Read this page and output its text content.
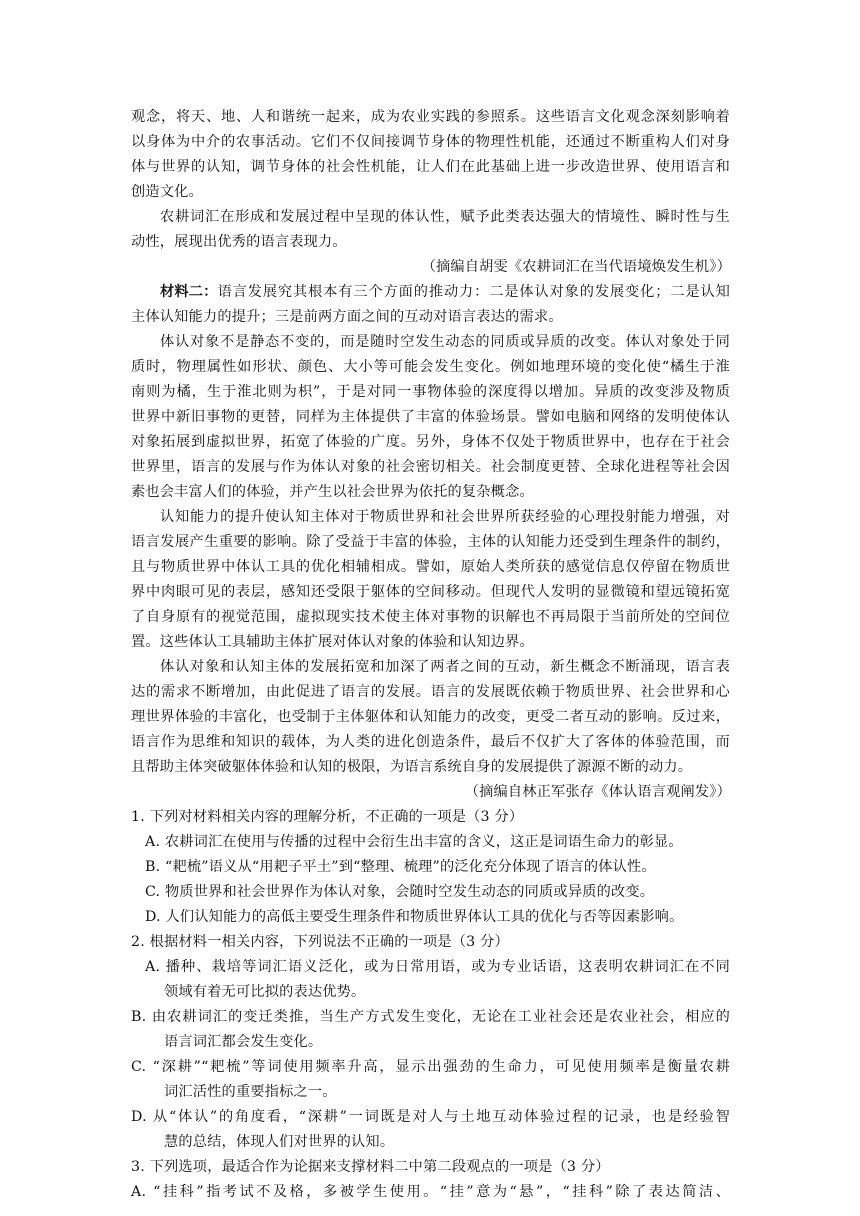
观念，将天、地、人和谐统一起来，成为农业实践的参照系。这些语言文化观念深刻影响着
以身体为中介的农事活动。它们不仅间接调节身体的物理性机能，还通过不断重构人们对身
体与世界的认知，调节身体的社会性机能，让人们在此基础上进一步改造世界、使用语言和
创造文化。
农耕词汇在形成和发展过程中呈现的体认性，赋予此类表达强大的情境性、瞬时性与生
动性，展现出优秀的语言表现力。
（摘编自胡雯《农耕词汇在当代语境焕发生机》）
材料二： 语言发展究其根本有三个方面的推动力：二是体认对象的发展变化；二是认知
主体认知能力的提升；三是前两方面之间的互动对语言表达的需求。
体认对象不是静态不变的，而是随时空发生动态的同质或异质的改变。体认对象处于同
质时，物理属性如形状、颜色、大小等可能会发生变化。例如地理环境的变化使“橘生于淮
南则为橘，生于淮北则为枳”，于是对同一事物体验的深度得以增加。异质的改变涉及物质
世界中新旧事物的更替，同样为主体提供了丰富的体验场景。譬如电脑和网络的发明使体认
对象拓展到虚拟世界，拓宽了体验的广度。另外，身体不仅处于物质世界中，也存在于社会
世界里，语言的发展与作为体认对象的社会密切相关。社会制度更替、全球化进程等社会因
素也会丰富人们的体验，并产生以社会世界为依托的复杂概念。
认知能力的提升使认知主体对于物质世界和社会世界所获经验的心理投射能力增强，对
语言发展产生重要的影响。除了受益于丰富的体验，主体的认知能力还受到生理条件的制约，
且与物质世界中体认工具的优化相辅相成。譬如，原始人类所获的感觉信息仅停留在物质世
界中肉眼可见的表层，感知还受限于躯体的空间移动。但现代人发明的显微镜和望远镜拓宽
了自身原有的视觉范围，虚拟现实技术使主体对事物的识解也不再局限于当前所处的空间位
置。这些体认工具辅助主体扩展对体认对象的体验和认知边界。
体认对象和认知主体的发展拓宽和加深了两者之间的互动，新生概念不断涌现，语言表
达的需求不断增加，由此促进了语言的发展。语言的发展既依赖于物质世界、社会世界和心
理世界体验的丰富化，也受制于主体躯体和认知能力的改变，更受二者互动的影响。反过来，
语言作为思维和知识的载体，为人类的进化创造条件，最后不仅扩大了客体的体验范围，而
且帮助主体突破躯体体验和认知的极限，为语言系统自身的发展提供了源源不断的动力。
（摘编自林正军张存《体认语言观阐发》）
1. 下列对材料相关内容的理解分析，不正确的一项是（3 分）
A. 农耕词汇在使用与传播的过程中会衍生出丰富的含义，这正是词语生命力的彰显。
B. “耙梳”语义从“用耙子平土”到“整理、梳理”的泛化充分体现了语言的体认性。
C. 物质世界和社会世界作为体认对象，会随时空发生动态的同质或异质的改变。
D. 人们认知能力的高低主要受生理条件和物质世界体认工具的优化与否等因素影响。
2. 根据材料一相关内容，下列说法不正确的一项是（3 分）
A. 播种、栽培等词汇语义泛化，或为日常用语，或为专业话语，这表明农耕词汇在不同
领域有着无可比拟的表达优势。
B. 由农耕词汇的变迁类推，当生产方式发生变化，无论在工业社会还是农业社会，相应的
语言词汇都会发生变化。
C. “深耕”“耙梳”等词使用频率升高，显示出强劲的生命力，可见使用频率是衡量农耕
词汇活性的重要指标之一。
D. 从“体认”的角度看，“深耕”一词既是对人与土地互动体验过程的记录，也是经验智
慧的总结，体现人们对世界的认知。
3. 下列选项，最适合作为论据来支撑材料二中第二段观点的一项是（3 分）
A. “挂科”指考试不及格，多被学生使用。“挂”意为“悬”，“挂科”除了表达简洁、
